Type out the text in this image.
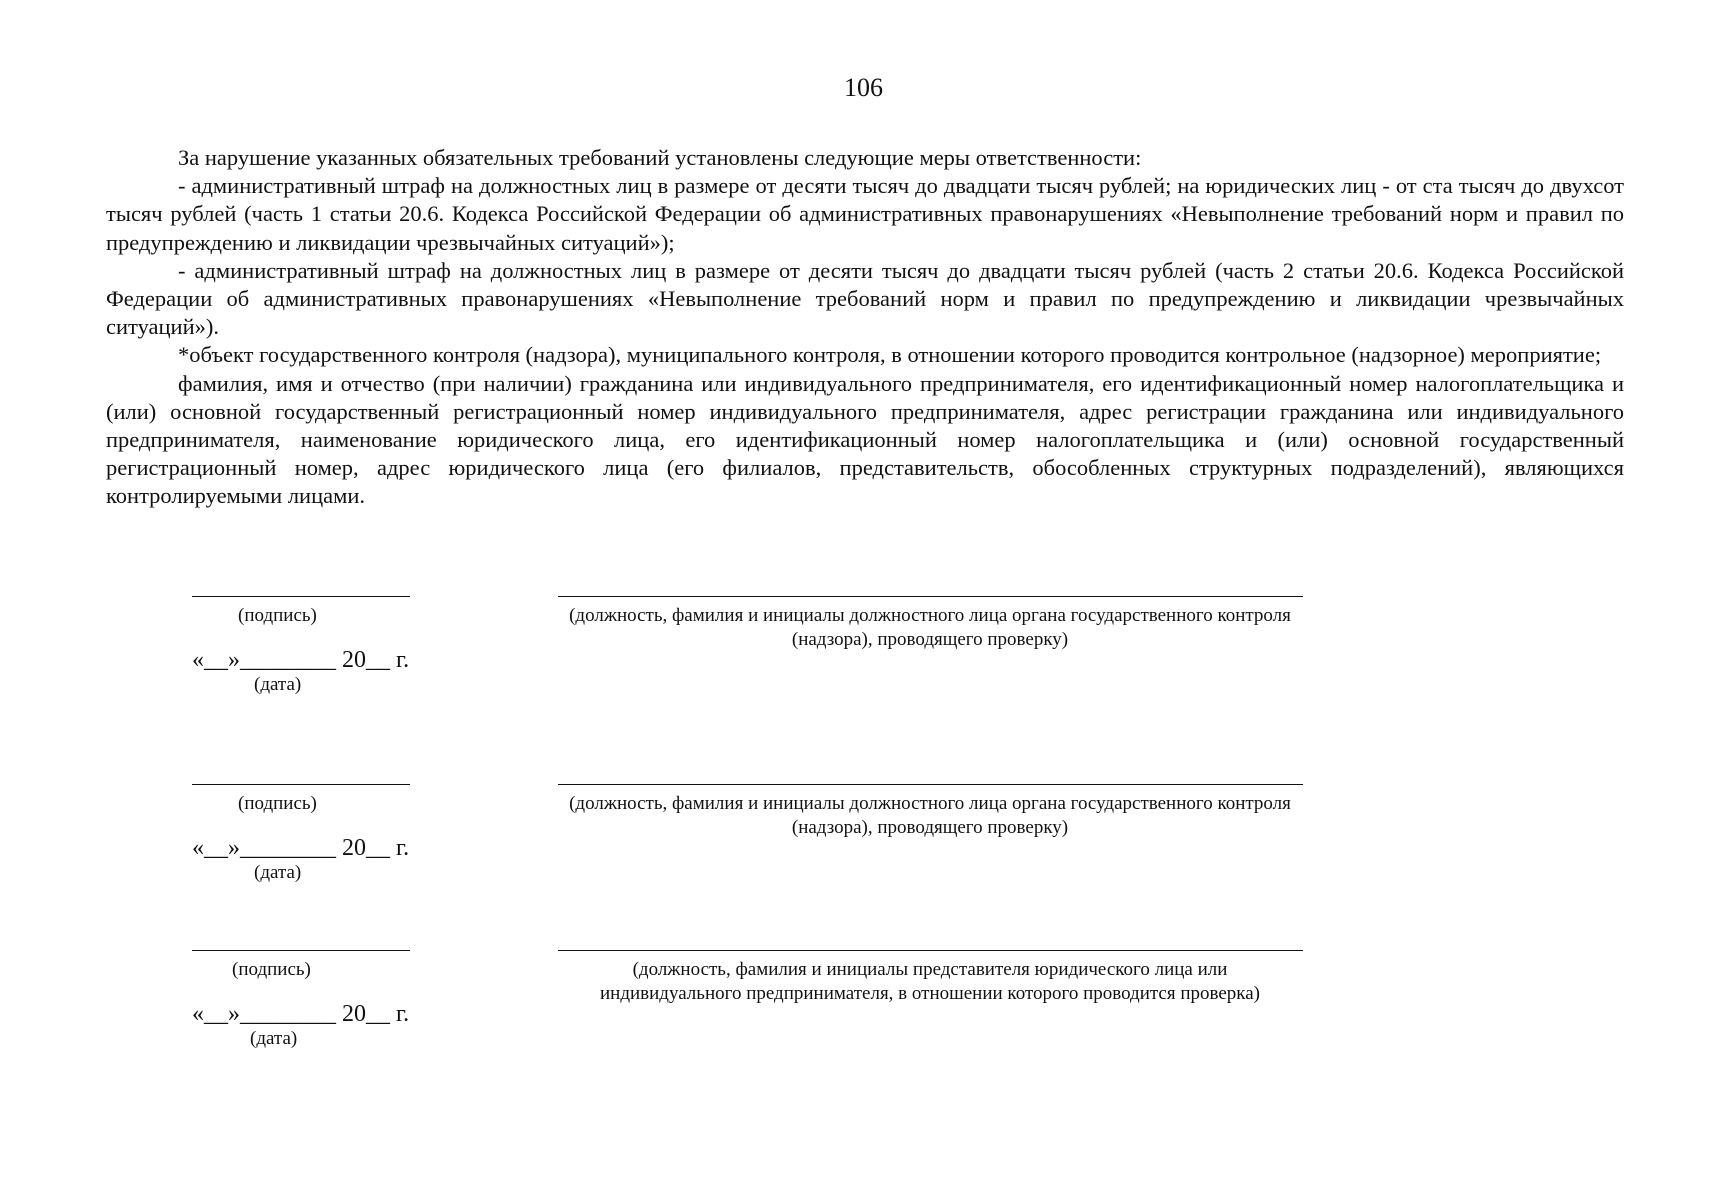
106

За нарушение указанных обязательных требований установлены следующие меры ответственности:

- административный штраф на должностных лиц в размере от десяти тысяч до двадцати тысяч рублей; на юридических лиц - от ста тысяч до двухсот тысяч рублей (часть 1 статьи 20.6. Кодекса Российской Федерации об административных правонарушениях «Невыполнение требований норм и правил по предупреждению и ликвидации чрезвычайных ситуаций»);

- административный штраф на должностных лиц в размере от десяти тысяч до двадцати тысяч рублей (часть 2 статьи 20.6. Кодекса Российской Федерации об административных правонарушениях «Невыполнение требований норм и правил по предупреждению и ликвидации чрезвычайных ситуаций»).

*объект государственного контроля (надзора), муниципального контроля, в отношении которого проводится контрольное (надзорное) мероприятие;

фамилия, имя и отчество (при наличии) гражданина или индивидуального предпринимателя, его идентификационный номер налогоплательщика и (или) основной государственный регистрационный номер индивидуального предпринимателя, адрес регистрации гражданина или индивидуального предпринимателя, наименование юридического лица, его идентификационный номер налогоплательщика и (или) основной государственный регистрационный номер, адрес юридического лица (его филиалов, представительств, обособленных структурных подразделений), являющихся контролируемыми лицами.

(подпись)	(должность, фамилия и инициалы должностного лица органа государственного контроля (надзора), проводящего проверку)
«__»________ 20__ г.
(дата)
(подпись)	(должность, фамилия и инициалы должностного лица органа государственного контроля (надзора), проводящего проверку)
«__»________ 20__ г.
(дата)
(подпись)	(должность, фамилия и инициалы представителя юридического лица или индивидуального предпринимателя, в отношении которого проводится проверка)
«__»________ 20__ г.
(дата)
